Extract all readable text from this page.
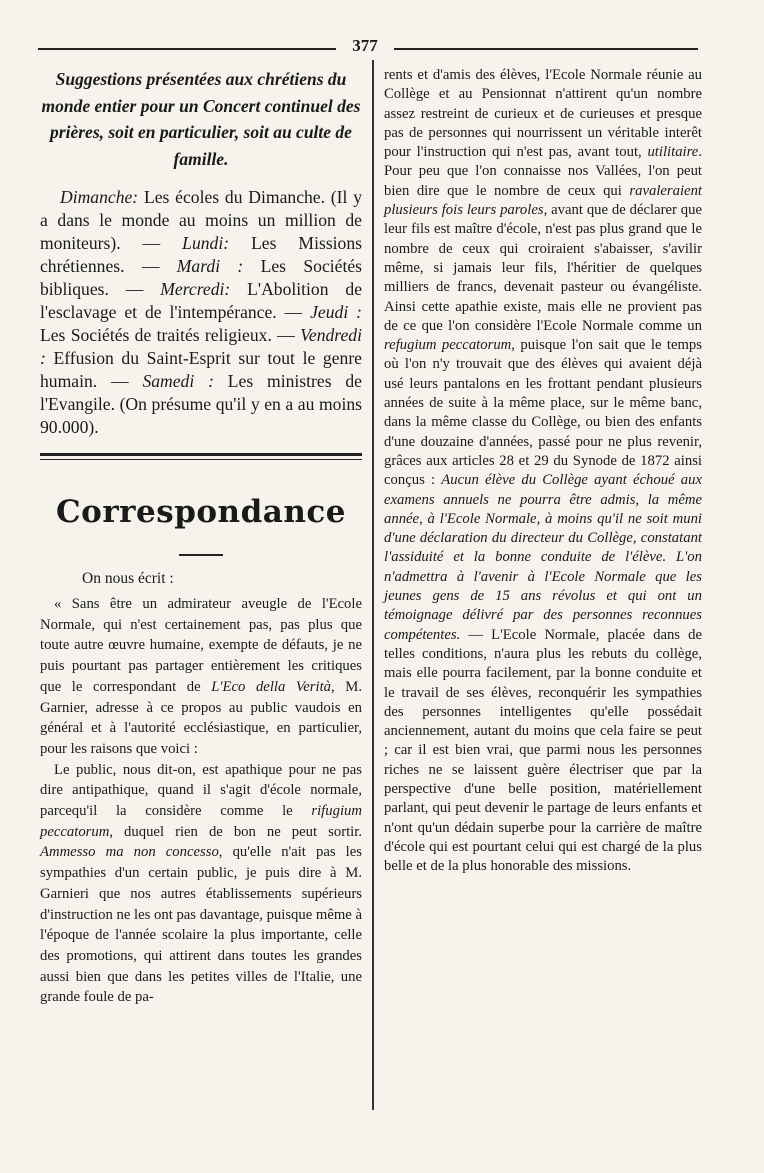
377

Suggestions présentées aux chrétiens du monde entier pour un Concert continuel des prières, soit en particulier, soit au culte de famille.

Dimanche: Les écoles du Dimanche. (Il y a dans le monde au moins un million de moniteurs). — Lundi: Les Missions chrétiennes. — Mardi : Les Sociétés bibliques. — Mercredi: L'Abolition de l'esclavage et de l'intempérance. — Jeudi : Les Sociétés de traités religieux. — Vendredi : Effusion du Saint-Esprit sur tout le genre humain. — Samedi : Les ministres de l'Evangile. (On présume qu'il y en a au moins 90.000).

Correspondance
On nous écrit :

« Sans être un admirateur aveugle de l'Ecole Normale, qui n'est certainement pas, pas plus que toute autre œuvre humaine, exempte de défauts, je ne puis pourtant pas partager entièrement les critiques que le correspondant de L'Eco della Verità, M. Garnier, adresse à ce propos au public vaudois en général et à l'autorité ecclésiastique, en particulier, pour les raisons que voici :

Le public, nous dit-on, est apathique pour ne pas dire antipathique, quand il s'agit d'école normale, parcequ'il la considère comme le rifugium peccatorum, duquel rien de bon ne peut sortir. Ammesso ma non concesso, qu'elle n'ait pas les sympathies d'un certain public, je puis dire à M. Garnieri que nos autres établissements supérieurs d'instruction ne les ont pas davantage, puisque même à l'époque de l'année scolaire la plus importante, celle des promotions, qui attirent dans toutes les grandes aussi bien que dans les petites villes de l'Italie, une grande foule de pa-

rents et d'amis des élèves, l'Ecole Normale réunie au Collège et au Pensionnat n'attirent qu'un nombre assez restreint de curieux et de curieuses et presque pas de personnes qui nourrissent un véritable interêt pour l'instruction qui n'est pas, avant tout, utilitaire. Pour peu que l'on connaisse nos Vallées, l'on peut bien dire que le nombre de ceux qui ravaleraient plusieurs fois leurs paroles, avant que de déclarer que leur fils est maître d'école, n'est pas plus grand que le nombre de ceux qui croiraient s'abaisser, s'avilir même, si jamais leur fils, l'héritier de quelques milliers de francs, devenait pasteur ou évangéliste. Ainsi cette apathie existe, mais elle ne provient pas de ce que l'on considère l'Ecole Normale comme un refugium peccatorum, puisque l'on sait que le temps où l'on n'y trouvait que des élèves qui avaient déjà usé leurs pantalons en les frottant pendant plusieurs années de suite à la même place, sur le même banc, dans la même classe du Collège, ou bien des enfants d'une douzaine d'années, passé pour ne plus revenir, grâces aux articles 28 et 29 du Synode de 1872 ainsi conçus : Aucun élève du Collège ayant échoué aux examens annuels ne pourra être admis, la même année, à l'Ecole Normale, à moins qu'il ne soit muni d'une déclaration du directeur du Collège, constatant l'assiduité et la bonne conduite de l'élève. L'on n'admettra à l'avenir à l'Ecole Normale que les jeunes gens de 15 ans révolus et qui ont un témoignage délivré par des personnes reconnues compétentes. — L'Ecole Normale, placée dans de telles conditions, n'aura plus les rebuts du collège, mais elle pourra facilement, par la bonne conduite et le travail de ses élèves, reconquérir les sympathies des personnes intelligentes qu'elle possédait anciennement, autant du moins que cela faire se peut ; car il est bien vrai, que parmi nous les personnes riches ne se laissent guère électriser que par la perspective d'une belle position, matériellement parlant, qui peut devenir le partage de leurs enfants et n'ont qu'un dédain superbe pour la carrière de maître d'école qui est pourtant celui qui est chargé de la plus belle et de la plus honorable des missions.
